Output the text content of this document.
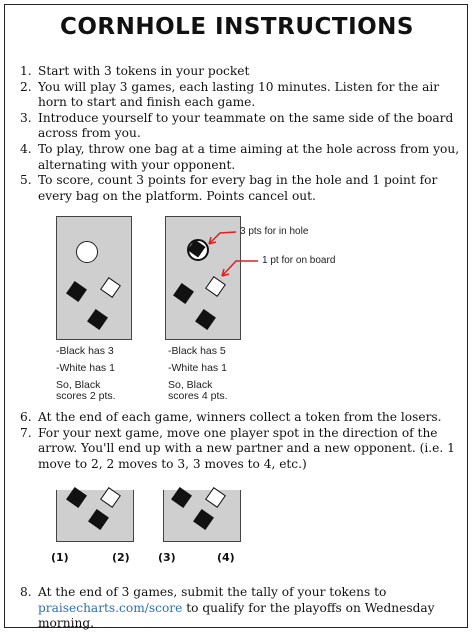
CORNHOLE INSTRUCTIONS
1. Start with 3 tokens in your pocket
2. You will play 3 games, each lasting 10 minutes. Listen for the air horn to start and finish each game.
3. Introduce yourself to your teammate on the same side of the board across from you.
4. To play, throw one bag at a time aiming at the hole across from you, alternating with your opponent.
5. To score, count 3 points for every bag in the hole and 1 point for every bag on the platform. Points cancel out.
-Black has 3
-White has 1
So, Black
scores 2 pts.
-Black has 5
-White has 1
So, Black
scores 4 pts.
3 pts for in hole
1 pt for on board
6. At the end of each game, winners collect a token from the losers.
7. For your next game, move one player spot in the direction of the arrow. You'll end up with a new partner and a new opponent. (i.e. 1 move to 2, 2 moves to 3, 3 moves to 4, etc.)
(1)	(2)	(3)	(4)
8. At the end of 3 games, submit the tally of your tokens to praisecharts.com/score to qualify for the playoffs on Wednesday morning.
